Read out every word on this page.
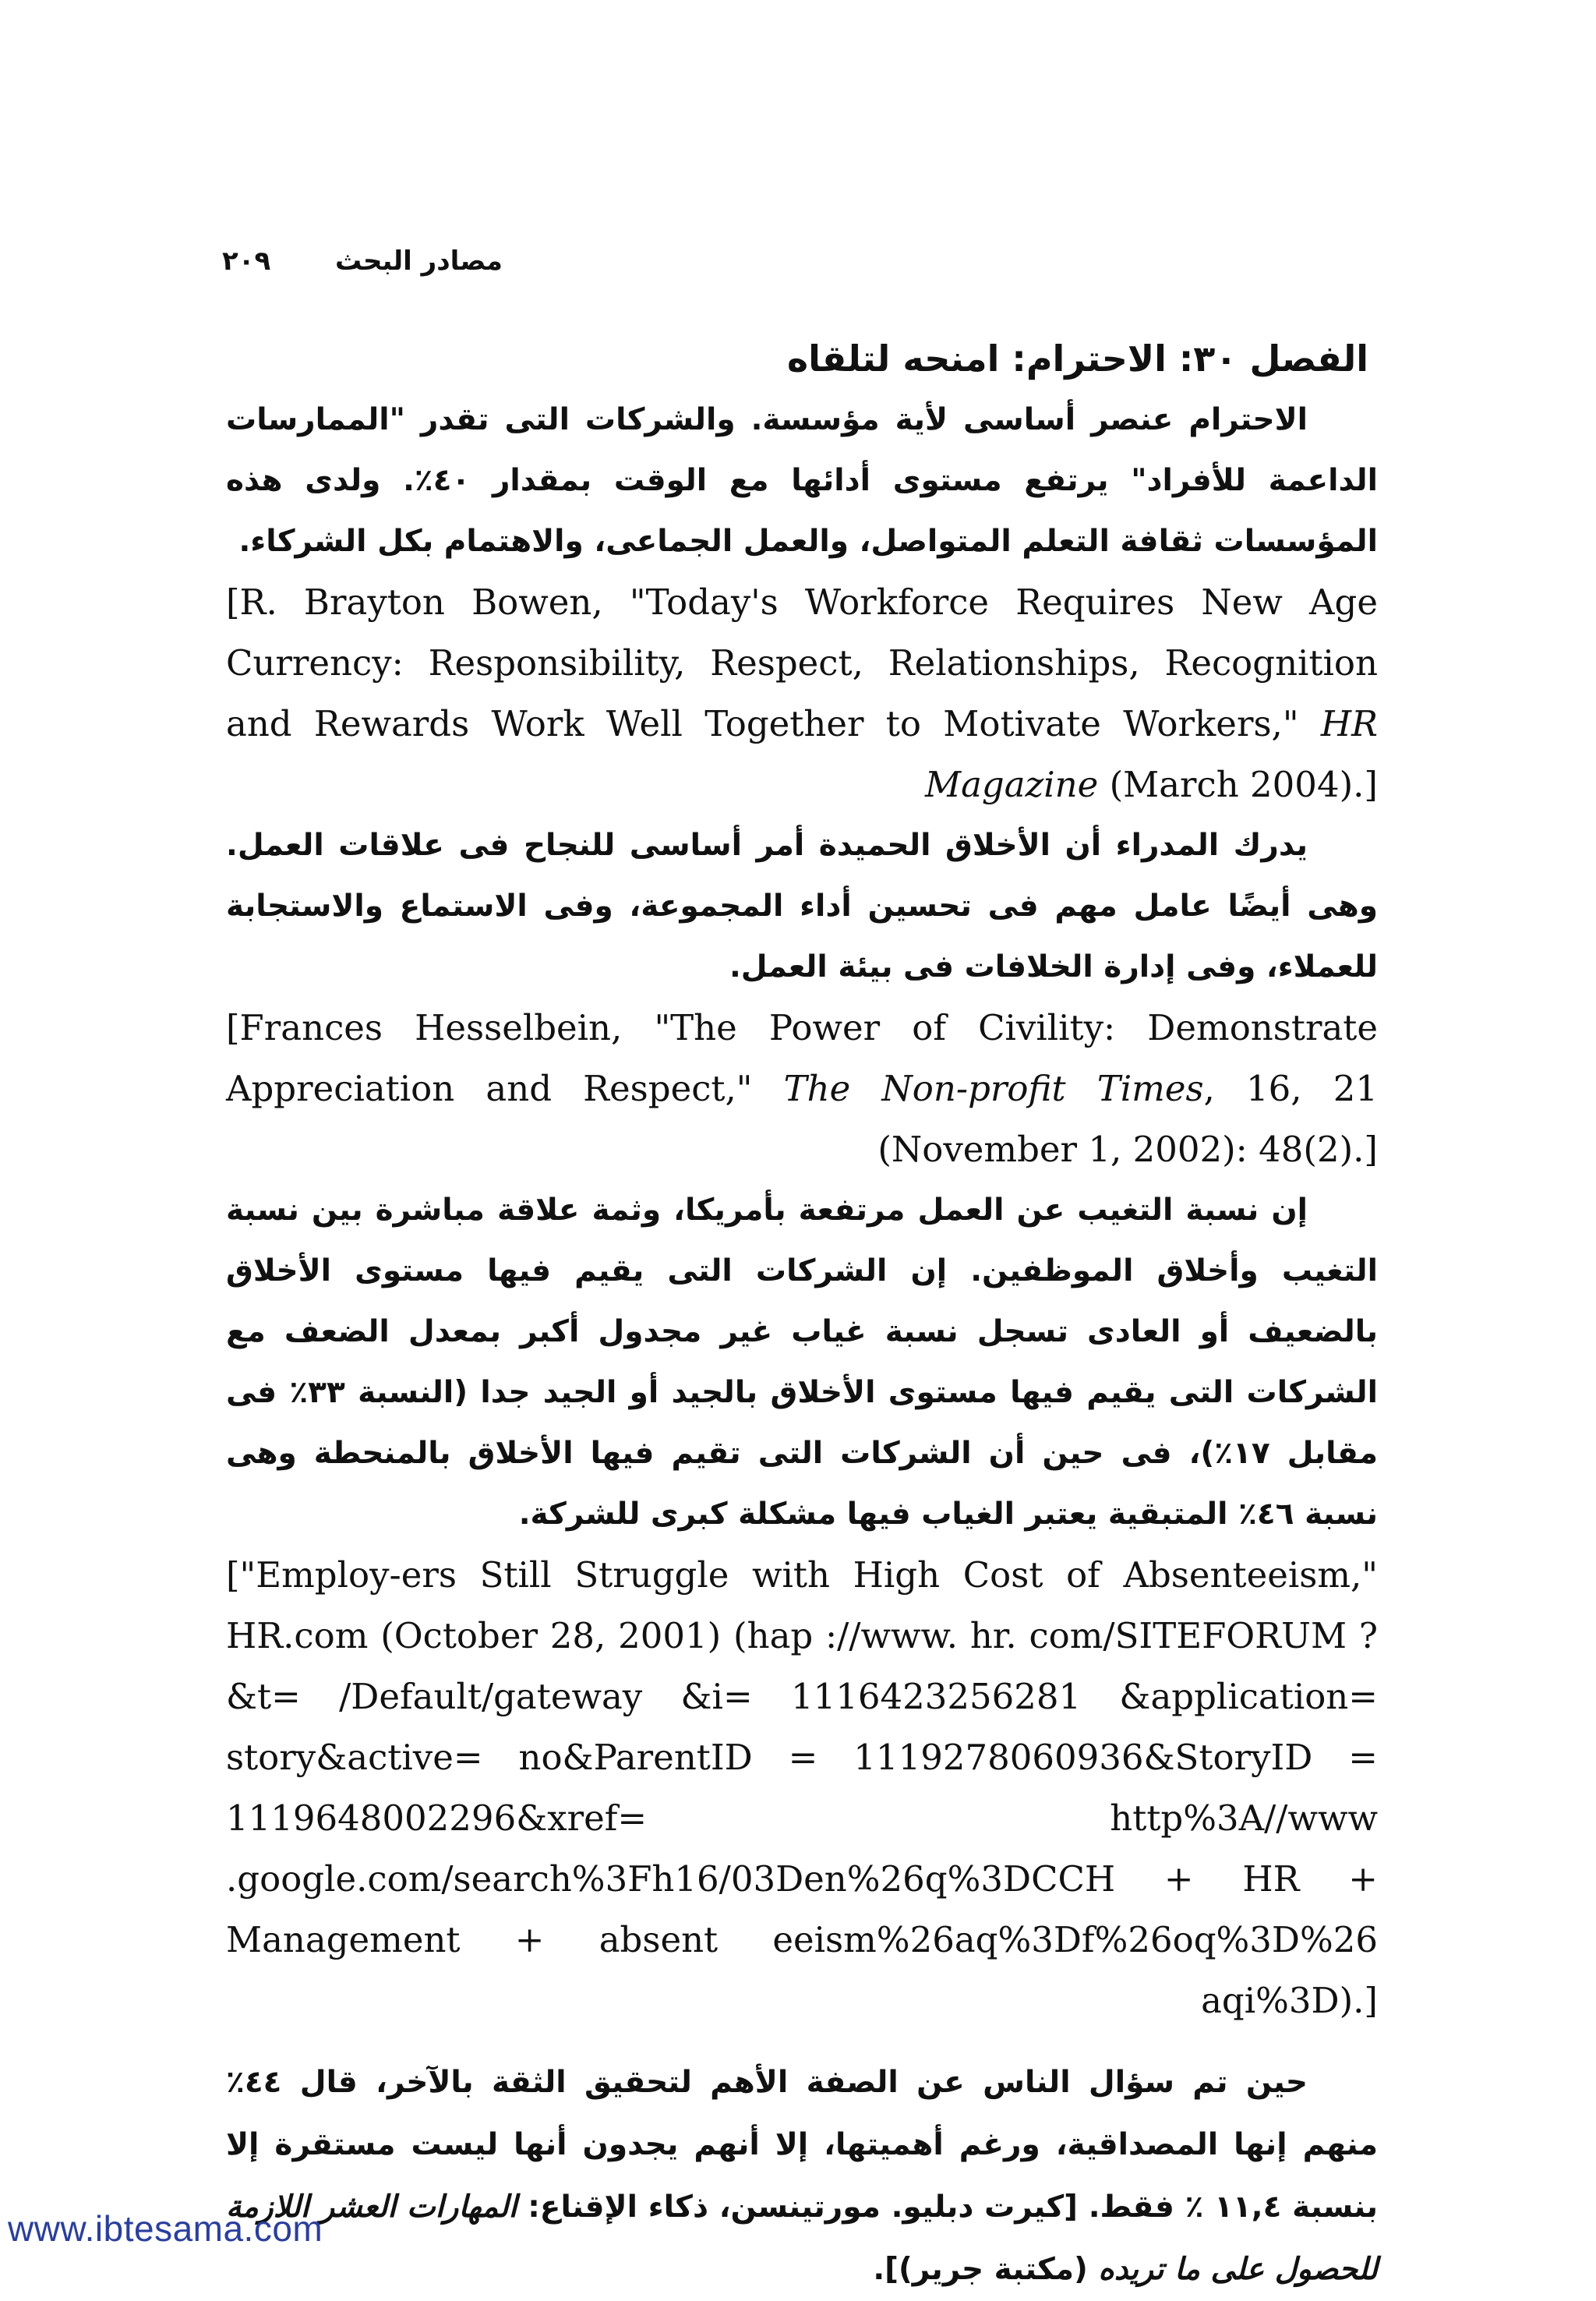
٢٠٩ مصادر البحث
الفصل ٣٠: الاحترام: امنحه لتلقاه

الاحترام عنصر أساسى لأية مؤسسة. والشركات التى تقدر "الممارسات الداعمة للأفراد" يرتفع مستوى أدائها مع الوقت بمقدار ٤٠٪. ولدى هذه المؤسسات ثقافة التعلم المتواصل، والعمل الجماعى، والاهتمام بكل الشركاء.

[R. Brayton Bowen, "Today's Workforce Requires New Age Currency: Responsibility, Respect, Relationships, Recognition and Rewards Work Well Together to Motivate Workers," HR Magazine (March 2004).]

يدرك المدراء أن الأخلاق الحميدة أمر أساسى للنجاح فى علاقات العمل. وهى أيضًا عامل مهم فى تحسين أداء المجموعة، وفى الاستماع والاستجابة للعملاء، وفى إدارة الخلافات فى بيئة العمل.

[Frances Hesselbein, "The Power of Civility: Demonstrate Appreciation and Respect," The Non-profit Times, 16, 21 (November 1, 2002): 48(2).]

إن نسبة التغيب عن العمل مرتفعة بأمريكا، وثمة علاقة مباشرة بين نسبة التغيب وأخلاق الموظفين. إن الشركات التى يقيم فيها مستوى الأخلاق بالضعيف أو العادى تسجل نسبة غياب غير مجدول أكبر بمعدل الضعف مع الشركات التى يقيم فيها مستوى الأخلاق بالجيد أو الجيد جدا (النسبة ٣٣٪ فى مقابل ١٧٪)، فى حين أن الشركات التى تقيم فيها الأخلاق بالمنحطة وهى نسبة ٤٦٪ المتبقية يعتبر الغياب فيها مشكلة كبرى للشركة.

["Employ-ers Still Struggle with High Cost of Absenteeism," HR.com (October 28, 2001) (hap ://www. hr. com/SITEFORUM ?&t= /Default/gateway &i= 1116423256281 &application= story&active= no&ParentID = 1119278060936&StoryID = 1119648002296&xref= http%3A//www .google.com/search%3Fh16/03Den%26q%3DCCH + HR + Management + absent eeism%26aq%3Df%26oq%3D%26 aqi%3D).]

حين تم سؤال الناس عن الصفة الأهم لتحقيق الثقة بالآخر، قال ٤٤٪ منهم إنها المصداقية، ورغم أهميتها، إلا أنهم يجدون أنها ليست مستقرة إلا بنسبة ١١,٤ ٪ فقط. [كيرت دبليو. مورتينسن، ذكاء الإقناع: المهارات العشر اللازمة للحصول على ما تريده (مكتبة جرير)].

www.ibtesama.com
